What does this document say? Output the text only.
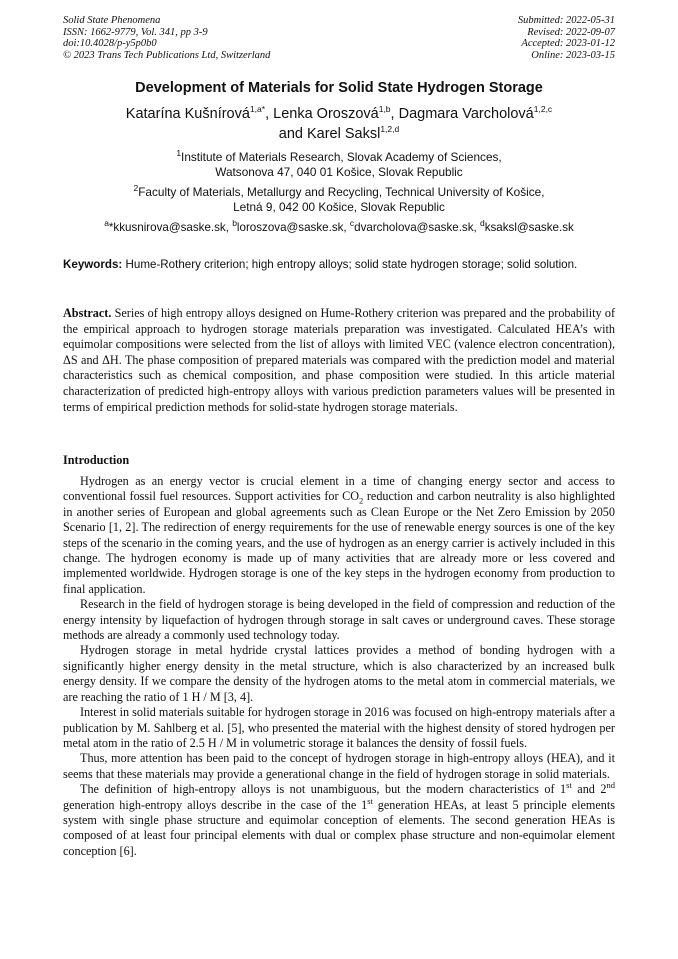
Solid State Phenomena
ISSN: 1662-9779, Vol. 341, pp 3-9
doi:10.4028/p-y5p0b0
© 2023 Trans Tech Publications Ltd, Switzerland
Submitted: 2022-05-31
Revised: 2022-09-07
Accepted: 2023-01-12
Online: 2023-03-15
Development of Materials for Solid State Hydrogen Storage
Katarína Kušnírová$^{1,a*}$, Lenka Oroszová$^{1,b}$, Dagmara Varcholová$^{1,2,c}$
and Karel Saksl$^{1,2,d}$
$^1$Institute of Materials Research, Slovak Academy of Sciences,
Watsonova 47, 040 01 Košice, Slovak Republic
$^2$Faculty of Materials, Metallurgy and Recycling, Technical University of Košice,
Letná 9, 042 00 Košice, Slovak Republic
$^a$*kkusnirova@saske.sk, $^b$loroszova@saske.sk, $^c$dvarcholova@saske.sk, $^d$ksaksl@saske.sk
Keywords: Hume-Rothery criterion; high entropy alloys; solid state hydrogen storage; solid solution.
Abstract. Series of high entropy alloys designed on Hume-Rothery criterion was prepared and the probability of the empirical approach to hydrogen storage materials preparation was investigated. Calculated HEA’s with equimolar compositions were selected from the list of alloys with limited VEC (valence electron concentration), ΔS and ΔH. The phase composition of prepared materials was compared with the prediction model and material characteristics such as chemical composition, and phase composition were studied. In this article material characterization of predicted high-entropy alloys with various prediction parameters values will be presented in terms of empirical prediction methods for solid-state hydrogen storage materials.
Introduction

Hydrogen as an energy vector is crucial element in a time of changing energy sector and access to conventional fossil fuel resources. Support activities for $CO_2$ reduction and carbon neutrality is also highlighted in another series of European and global agreements such as Clean Europe or the Net Zero Emission by 2050 Scenario [1, 2]. The redirection of energy requirements for the use of renewable energy sources is one of the key steps of the scenario in the coming years, and the use of hydrogen as an energy carrier is actively included in this change. The hydrogen economy is made up of many activities that are already more or less covered and implemented worldwide. Hydrogen storage is one of the key steps in the hydrogen economy from production to final application.

Research in the field of hydrogen storage is being developed in the field of compression and reduction of the energy intensity by liquefaction of hydrogen through storage in salt caves or underground caves. These storage methods are already a commonly used technology today.

Hydrogen storage in metal hydride crystal lattices provides a method of bonding hydrogen with a significantly higher energy density in the metal structure, which is also characterized by an increased bulk energy density. If we compare the density of the hydrogen atoms to the metal atom in commercial materials, we are reaching the ratio of 1 H / M [3, 4].

Interest in solid materials suitable for hydrogen storage in 2016 was focused on high-entropy materials after a publication by M. Sahlberg et al. [5], who presented the material with the highest density of stored hydrogen per metal atom in the ratio of 2.5 H / M in volumetric storage it balances the density of fossil fuels.

Thus, more attention has been paid to the concept of hydrogen storage in high-entropy alloys (HEA), and it seems that these materials may provide a generational change in the field of hydrogen storage in solid materials.

The definition of high-entropy alloys is not unambiguous, but the modern characteristics of 1st and 2nd generation high-entropy alloys describe in the case of the 1st generation HEAs, at least 5 principle elements system with single phase structure and equimolar conception of elements. The second generation HEAs is composed of at least four principal elements with dual or complex phase structure and non-equimolar element conception [6].
